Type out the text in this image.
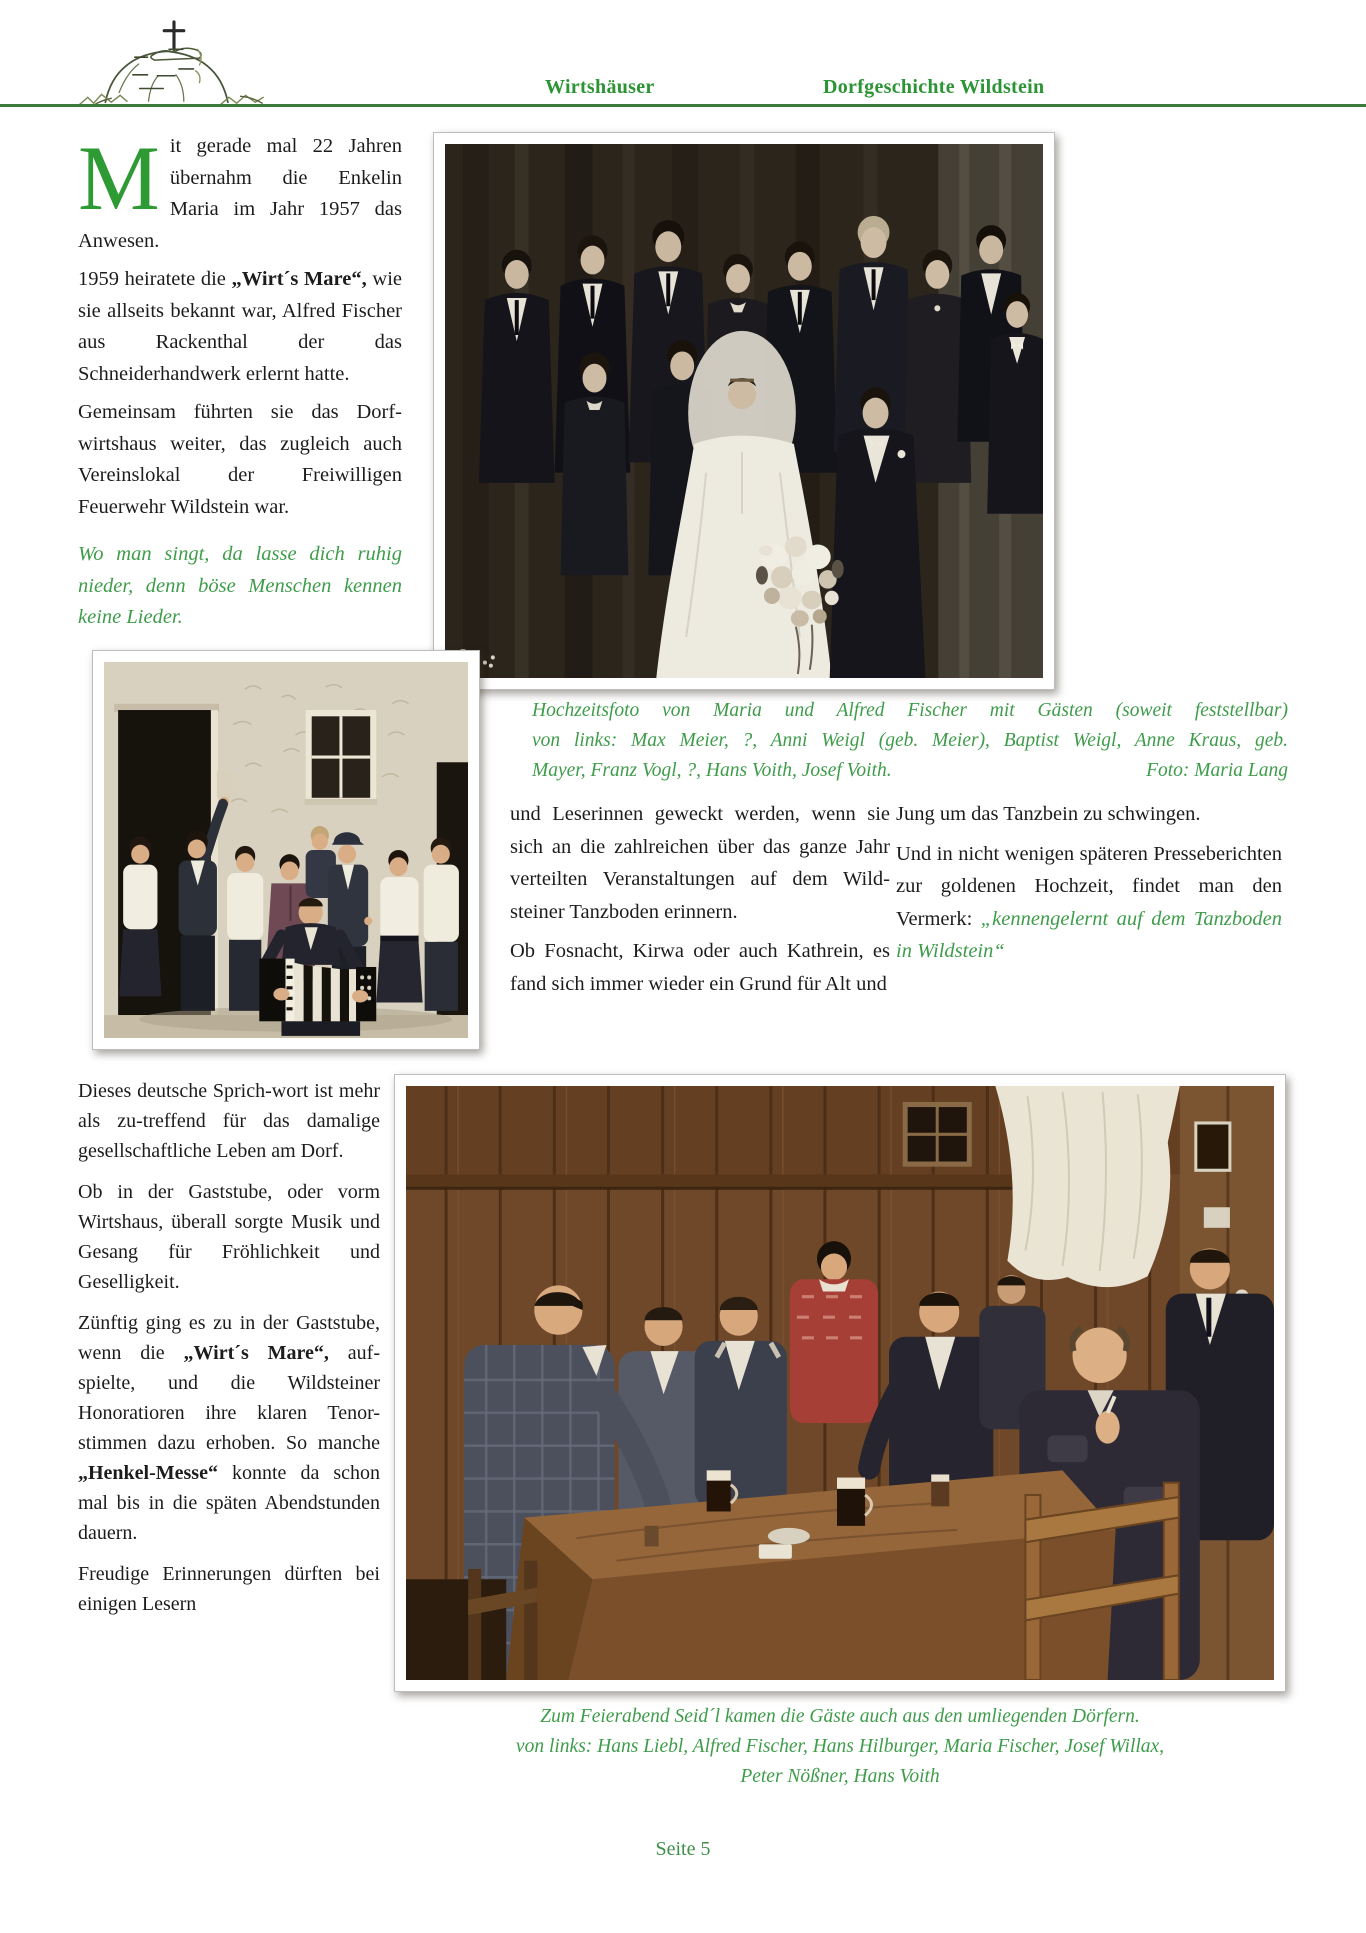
Wirtshäuser	Dorfgeschichte Wildstein

Mit gerade mal 22 Jahren übernahm die Enkelin Maria im Jahr 1957 das Anwesen.

1959 heiratete die „Wirt´s Mare“, wie sie allseits bekannt war, Alfred Fischer aus Rackenthal der das Schneiderhandwerk erlernt hatte.

Gemeinsam führten sie das Dorf-wirtshaus weiter, das zugleich auch Vereinslokal der Freiwilligen Feuerwehr Wildstein war.

Wo man singt, da lasse dich ruhig nieder, denn böse Menschen kennen keine Lieder.

Hochzeitsfoto von Maria und Alfred Fischer mit Gästen (soweit feststellbar)
von links: Max Meier, ?, Anni Weigl (geb. Meier), Baptist Weigl, Anne Kraus, geb.
Mayer, Franz Vogl, ?, Hans Voith, Josef Voith.	Foto: Maria Lang

und Leserinnen geweckt werden, wenn sie sich an die zahlreichen über das ganze Jahr verteilten Veranstaltungen auf dem Wild-steiner Tanzboden erinnern.

Ob Fosnacht, Kirwa oder auch Kathrein, es fand sich immer wieder ein Grund für Alt und

Jung um das Tanzbein zu schwingen.

Und in nicht wenigen späteren Presseberichten zur goldenen Hochzeit, findet man den Vermerk: „kennengelernt auf dem Tanzboden in Wildstein“

Dieses deutsche Sprich-wort ist mehr als zu-treffend für das damalige gesellschaftliche Leben am Dorf.

Ob in der Gaststube, oder vorm Wirtshaus, überall sorgte Musik und Gesang für Fröhlichkeit und Geselligkeit.

Zünftig ging es zu in der Gaststube, wenn die „Wirt´s Mare“, auf-spielte, und die Wildsteiner Honoratioren ihre klaren Tenor-stimmen dazu erhoben. So manche „Henkel-Messe“ konnte da schon mal bis in die späten Abendstunden dauern.

Freudige Erinnerungen dürften bei einigen Lesern

Zum Feierabend Seid´l kamen die Gäste auch aus den umliegenden Dörfern.
von links: Hans Liebl, Alfred Fischer, Hans Hilburger, Maria Fischer, Josef Willax,
Peter Nößner, Hans Voith
Seite 5
